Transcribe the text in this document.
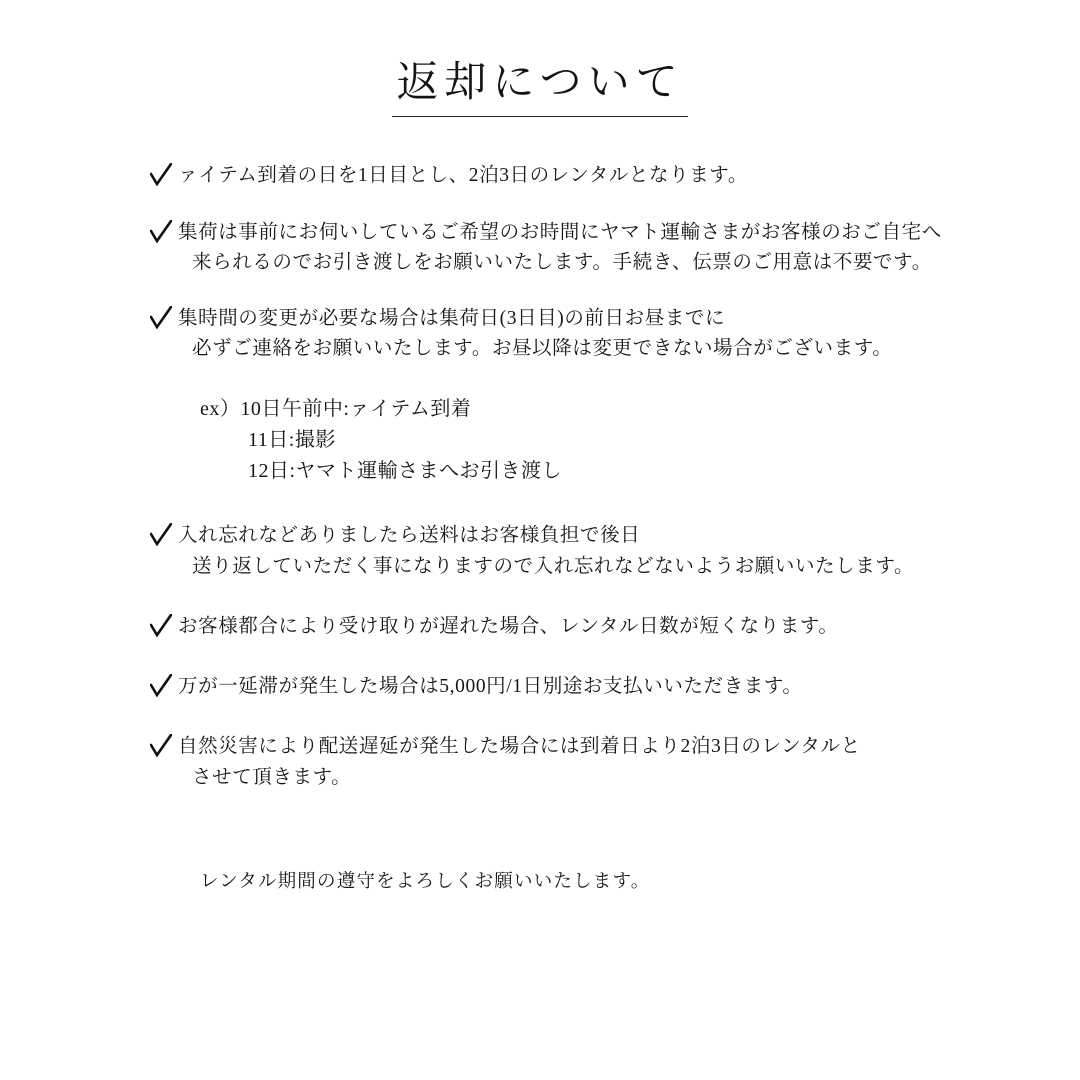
返却について
ァイテム到着の日を1日目とし、2泊3日のレンタルとなります。
集荷は事前にお伺いしているご希望のお時間にヤマト運輸さまがお客様のおご自宅へ
来られるのでお引き渡しをお願いいたします。手続き、伝票のご用意は不要です。
集時間の変更が必要な場合は集荷日(3日目)の前日お昼までに
必ずご連絡をお願いいたします。お昼以降は変更できない場合がございます。
ex）10日午前中:ァイテム到着
11日:撮影
12日:ヤマト運輸さまへお引き渡し
入れ忘れなどありましたら送料はお客様負担で後日
送り返していただく事になりますので入れ忘れなどないようお願いいたします。
お客様都合により受け取りが遅れた場合、レンタル日数が短くなります。
万が一延滞が発生した場合は5,000円/1日別途お支払いいただきます。
自然災害により配送遅延が発生した場合には到着日より2泊3日のレンタルと
させて頂きます。
レンタル期間の遵守をよろしくお願いいたします。
